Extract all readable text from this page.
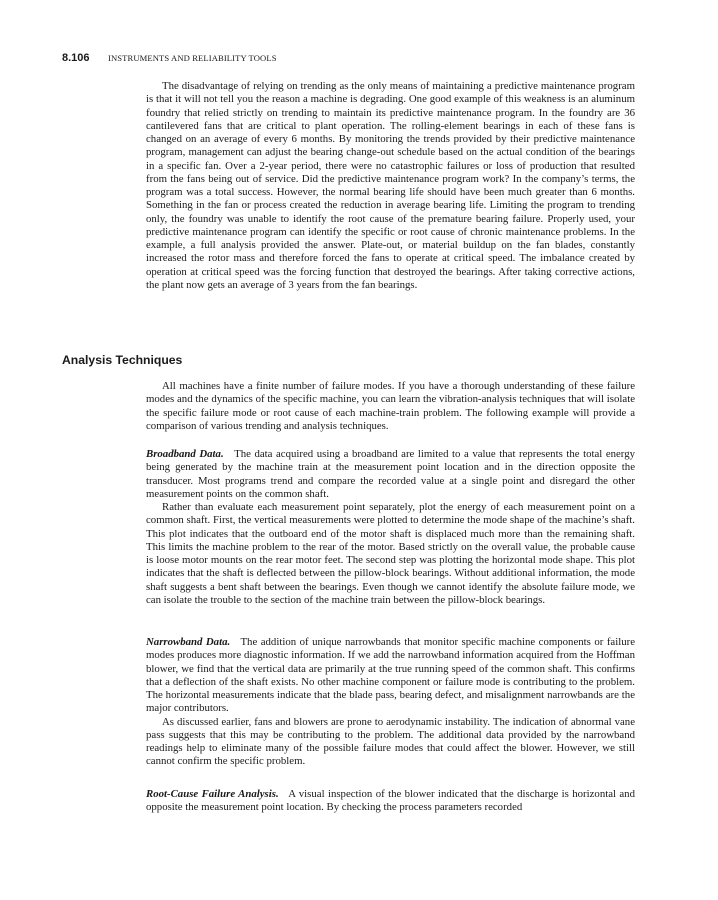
8.106 INSTRUMENTS AND RELIABILITY TOOLS

The disadvantage of relying on trending as the only means of maintaining a predictive maintenance program is that it will not tell you the reason a machine is degrading. One good example of this weakness is an aluminum foundry that relied strictly on trending to maintain its predictive maintenance program. In the foundry are 36 cantilevered fans that are critical to plant operation. The rolling-element bearings in each of these fans is changed on an average of every 6 months. By monitoring the trends provided by their predictive maintenance program, management can adjust the bearing change-out schedule based on the actual condition of the bearings in a specific fan. Over a 2-year period, there were no catastrophic failures or loss of production that resulted from the fans being out of service. Did the predictive maintenance program work? In the company’s terms, the program was a total success. However, the normal bearing life should have been much greater than 6 months. Something in the fan or process created the reduction in average bearing life. Limiting the program to trending only, the foundry was unable to identify the root cause of the premature bearing failure. Properly used, your predictive maintenance program can identify the specific or root cause of chronic maintenance problems. In the example, a full analysis provided the answer. Plate-out, or material buildup on the fan blades, constantly increased the rotor mass and therefore forced the fans to operate at critical speed. The imbalance created by operation at critical speed was the forcing function that destroyed the bearings. After taking corrective actions, the plant now gets an average of 3 years from the fan bearings.

Analysis Techniques

All machines have a finite number of failure modes. If you have a thorough understanding of these failure modes and the dynamics of the specific machine, you can learn the vibration-analysis techniques that will isolate the specific failure mode or root cause of each machine-train problem. The following example will provide a comparison of various trending and analysis techniques.

Broadband Data. The data acquired using a broadband are limited to a value that represents the total energy being generated by the machine train at the measurement point location and in the direction opposite the transducer. Most programs trend and compare the recorded value at a single point and disregard the other measurement points on the common shaft.

Rather than evaluate each measurement point separately, plot the energy of each measurement point on a common shaft. First, the vertical measurements were plotted to determine the mode shape of the machine’s shaft. This plot indicates that the outboard end of the motor shaft is displaced much more than the remaining shaft. This limits the machine problem to the rear of the motor. Based strictly on the overall value, the probable cause is loose motor mounts on the rear motor feet. The second step was plotting the horizontal mode shape. This plot indicates that the shaft is deflected between the pillow-block bearings. Without additional information, the mode shaft suggests a bent shaft between the bearings. Even though we cannot identify the absolute failure mode, we can isolate the trouble to the section of the machine train between the pillow-block bearings.

Narrowband Data. The addition of unique narrowbands that monitor specific machine components or failure modes produces more diagnostic information. If we add the narrowband information acquired from the Hoffman blower, we find that the vertical data are primarily at the true running speed of the common shaft. This confirms that a deflection of the shaft exists. No other machine component or failure mode is contributing to the problem. The horizontal measurements indicate that the blade pass, bearing defect, and misalignment narrowbands are the major contributors.

As discussed earlier, fans and blowers are prone to aerodynamic instability. The indication of abnormal vane pass suggests that this may be contributing to the problem. The additional data provided by the narrowband readings help to eliminate many of the possible failure modes that could affect the blower. However, we still cannot confirm the specific problem.

Root-Cause Failure Analysis. A visual inspection of the blower indicated that the discharge is horizontal and opposite the measurement point location. By checking the process parameters recorded
